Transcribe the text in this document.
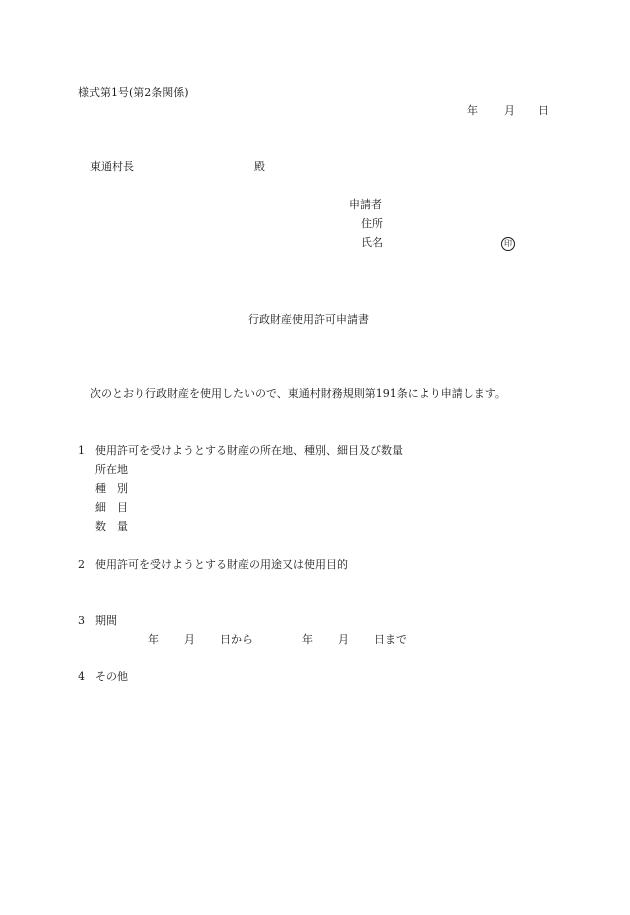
様式第1号(第2条関係)
年 月 日
東通村長	殿
申請者
住所
氏名	印
行政財産使用許可申請書
次のとおり行政財産を使用したいので、東通村財務規則第191条により申請します。
1 使用許可を受けようとする財産の所在地、種別、細目及び数量
所在地
種　別
細　目
数　量
2 使用許可を受けようとする財産の用途又は使用目的
3 期間
年 月 日から	年 月 日まで
4 その他
